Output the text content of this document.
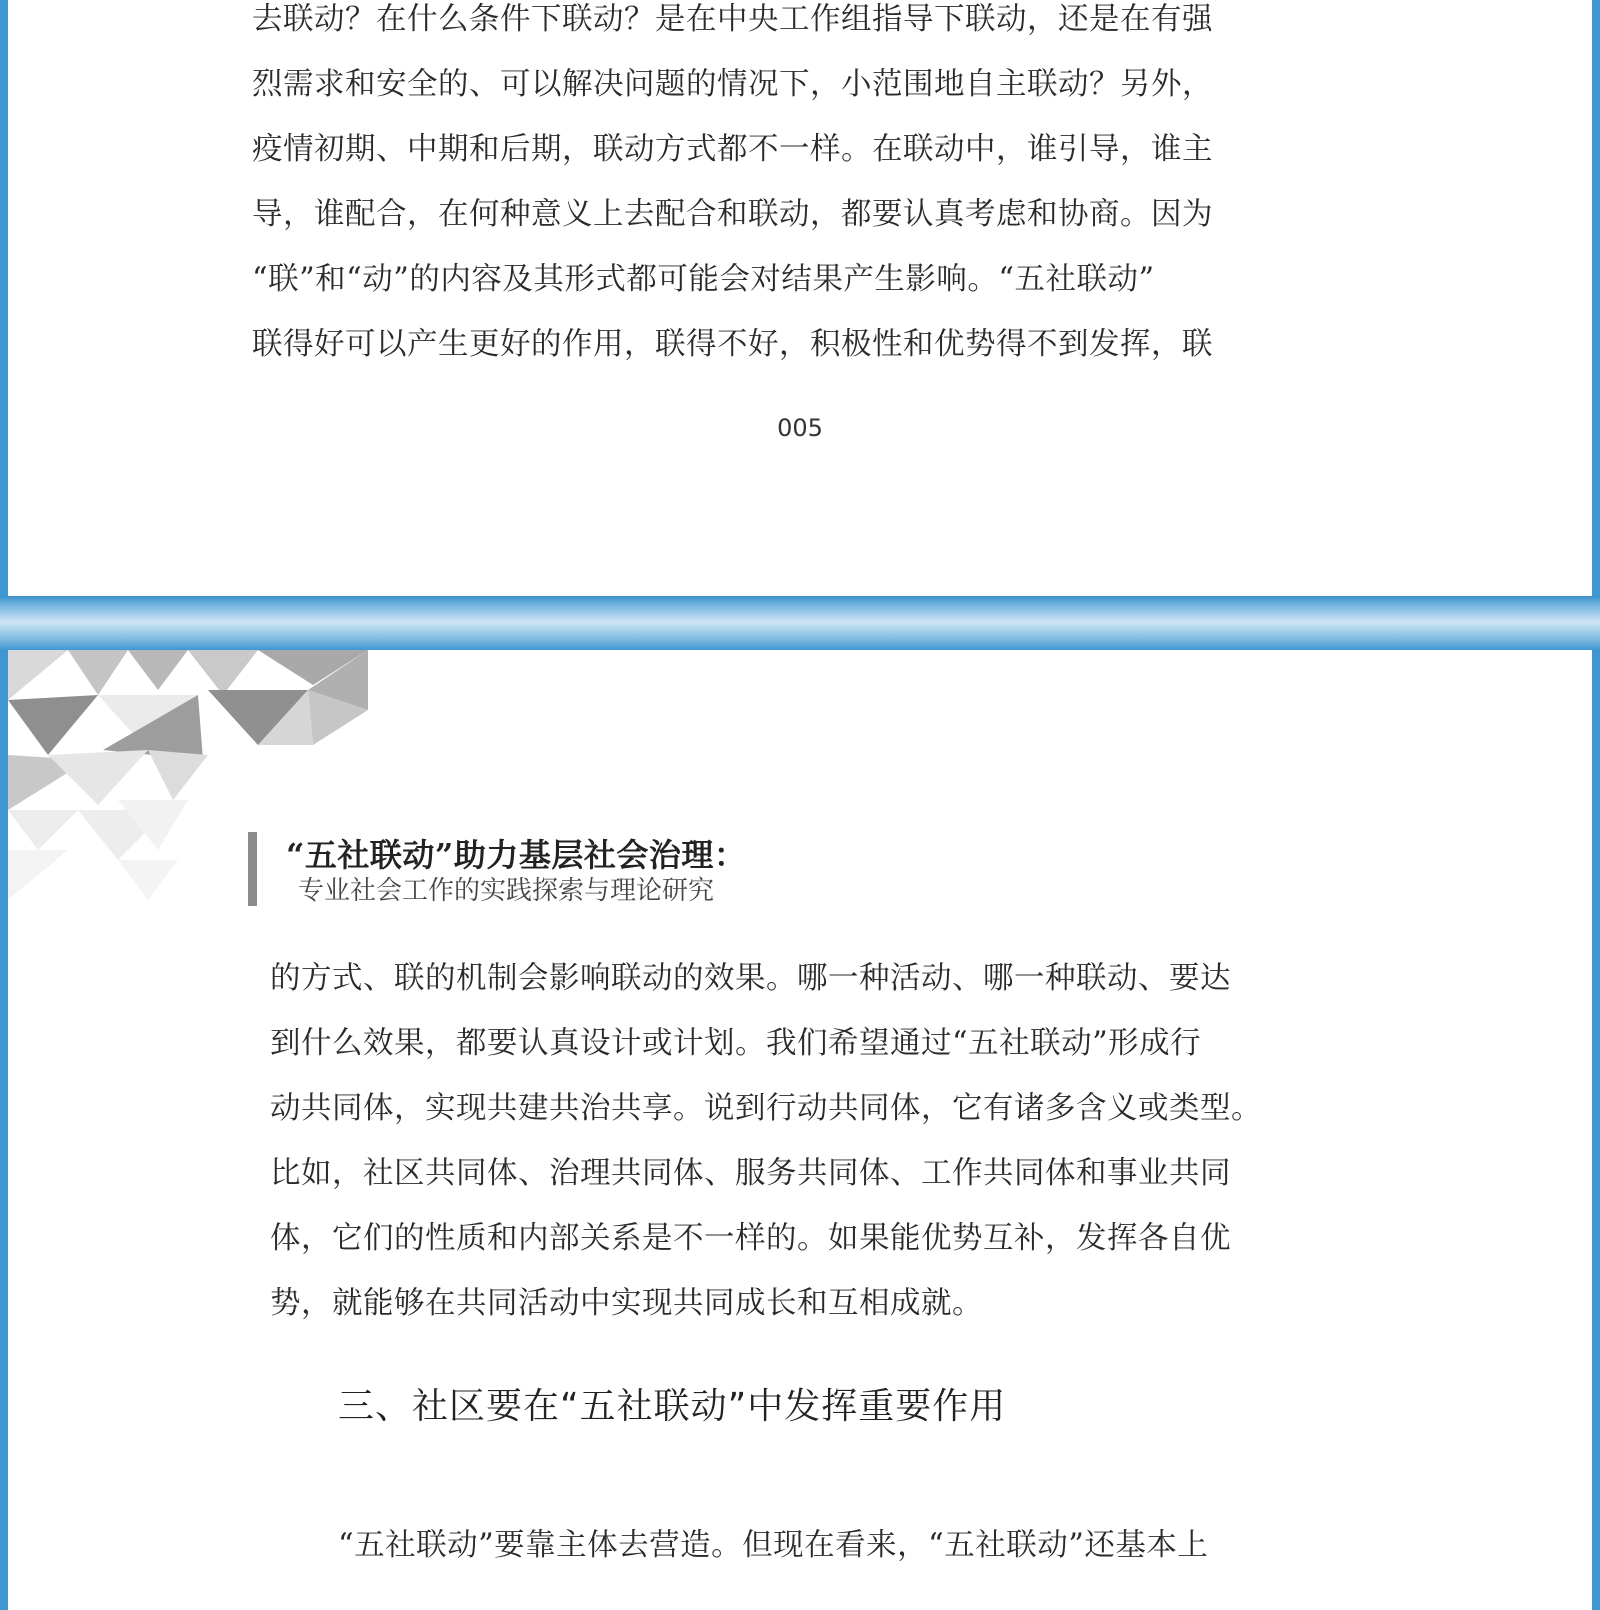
去联动？在什么条件下联动？是在中央工作组指导下联动，还是在有强
烈需求和安全的、可以解决问题的情况下，小范围地自主联动？另外，
疫情初期、中期和后期，联动方式都不一样。在联动中，谁引导，谁主
导，谁配合，在何种意义上去配合和联动，都要认真考虑和协商。因为
“联”和“动”的内容及其形式都可能会对结果产生影响。“五社联动”
联得好可以产生更好的作用，联得不好，积极性和优势得不到发挥，联

005
“五社联动”助力基层社会治理：
专业社会工作的实践探索与理论研究

的方式、联的机制会影响联动的效果。哪一种活动、哪一种联动、要达
到什么效果，都要认真设计或计划。我们希望通过“五社联动”形成行
动共同体，实现共建共治共享。说到行动共同体，它有诸多含义或类型。
比如，社区共同体、治理共同体、服务共同体、工作共同体和事业共同
体，它们的性质和内部关系是不一样的。如果能优势互补，发挥各自优
势，就能够在共同活动中实现共同成长和互相成就。

三、社区要在“五社联动”中发挥重要作用

“五社联动”要靠主体去营造。但现在看来，“五社联动”还基本上
